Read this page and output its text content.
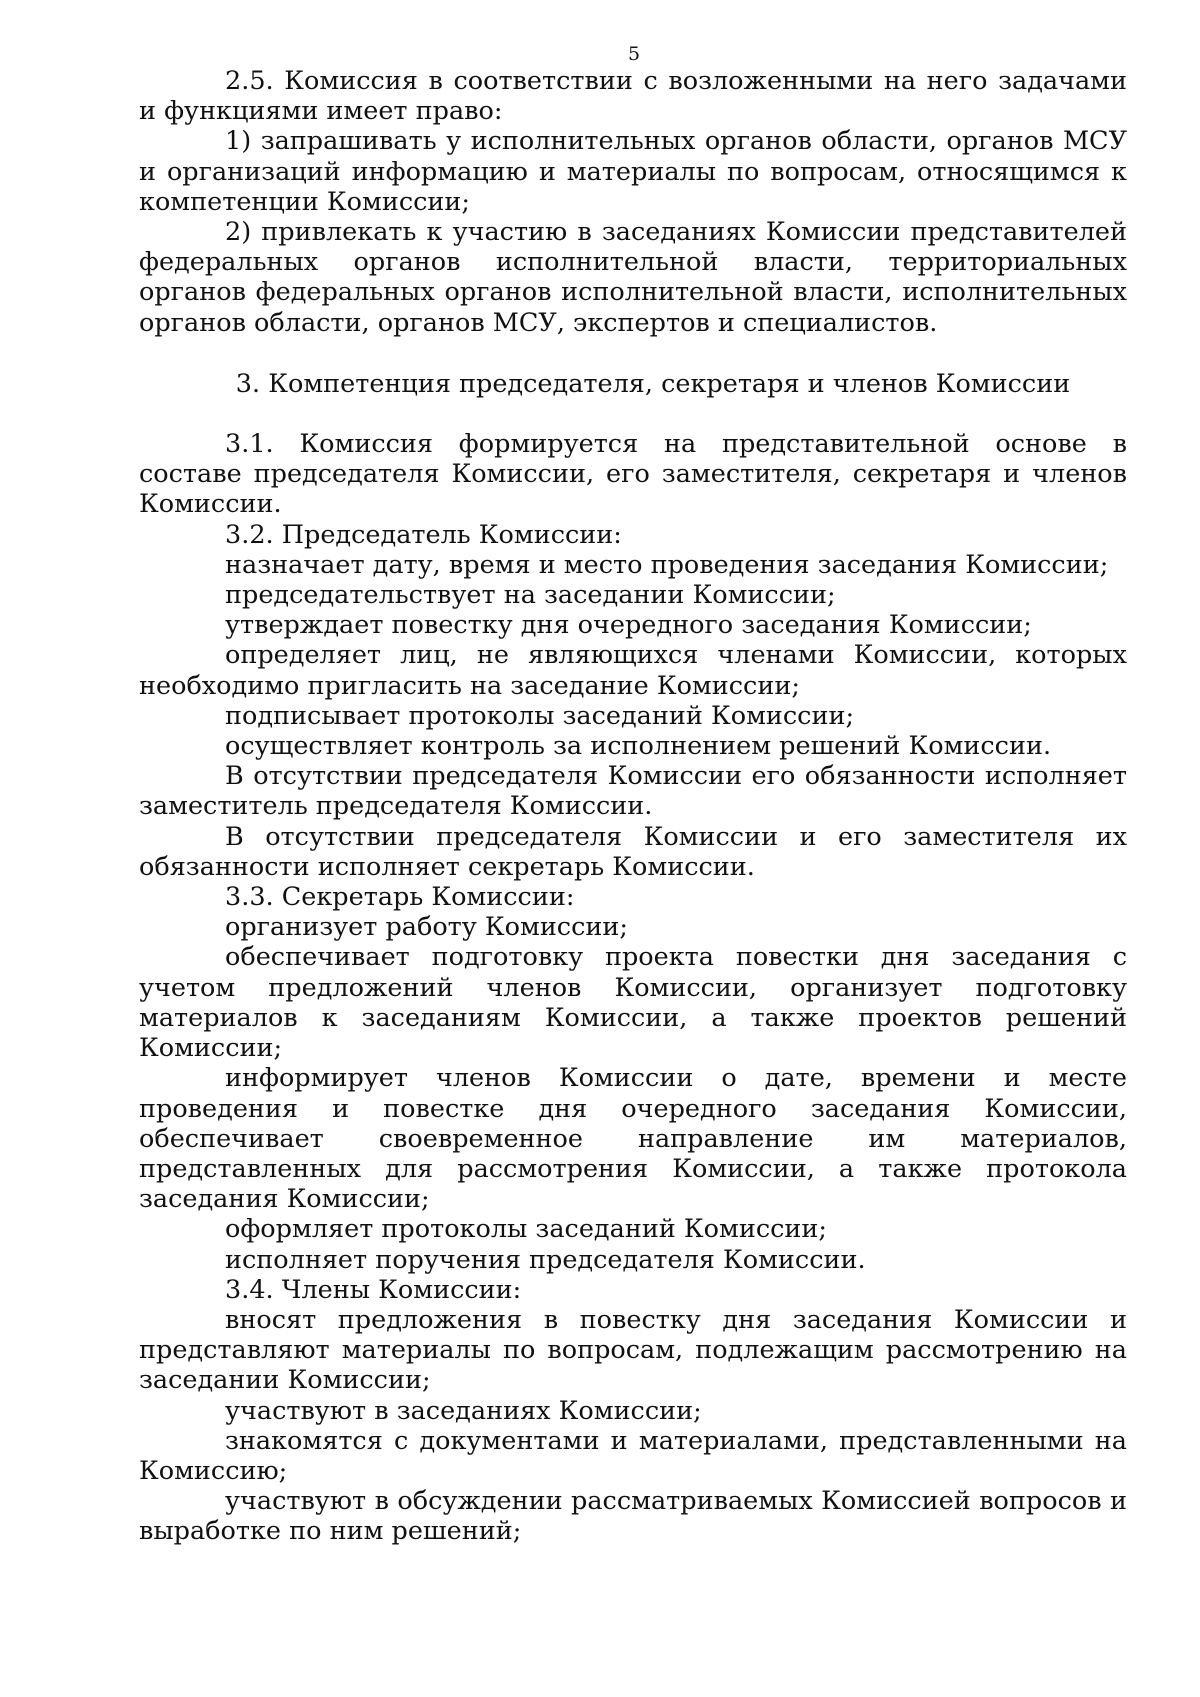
5

2.5. Комиссия в соответствии с возложенными на него задачами и функциями имеет право:

1) запрашивать у исполнительных органов области, органов МСУ и организаций информацию и материалы по вопросам, относящимся к компетенции Комиссии;

2) привлекать к участию в заседаниях Комиссии представителей федеральных органов исполнительной власти, территориальных органов федеральных органов исполнительной власти, исполнительных органов области, органов МСУ, экспертов и специалистов.

3. Компетенция председателя, секретаря и членов Комиссии

3.1. Комиссия формируется на представительной основе в составе председателя Комиссии, его заместителя, секретаря и членов Комиссии.

3.2. Председатель Комиссии:

назначает дату, время и место проведения заседания Комиссии;

председательствует на заседании Комиссии;

утверждает повестку дня очередного заседания Комиссии;

определяет лиц, не являющихся членами Комиссии, которых необходимо пригласить на заседание Комиссии;

подписывает протоколы заседаний Комиссии;

осуществляет контроль за исполнением решений Комиссии.

В отсутствии председателя Комиссии его обязанности исполняет заместитель председателя Комиссии.

В отсутствии председателя Комиссии и его заместителя их обязанности исполняет секретарь Комиссии.

3.3. Секретарь Комиссии:

организует работу Комиссии;

обеспечивает подготовку проекта повестки дня заседания с учетом предложений членов Комиссии, организует подготовку материалов к заседаниям Комиссии, а также проектов решений Комиссии;

информирует членов Комиссии о дате, времени и месте проведения и повестке дня очередного заседания Комиссии, обеспечивает своевременное направление им материалов, представленных для рассмотрения Комиссии, а также протокола заседания Комиссии;

оформляет протоколы заседаний Комиссии;

исполняет поручения председателя Комиссии.

3.4. Члены Комиссии:

вносят предложения в повестку дня заседания Комиссии и представляют материалы по вопросам, подлежащим рассмотрению на заседании Комиссии;

участвуют в заседаниях Комиссии;

знакомятся с документами и материалами, представленными на Комиссию;

участвуют в обсуждении рассматриваемых Комиссией вопросов и выработке по ним решений;
